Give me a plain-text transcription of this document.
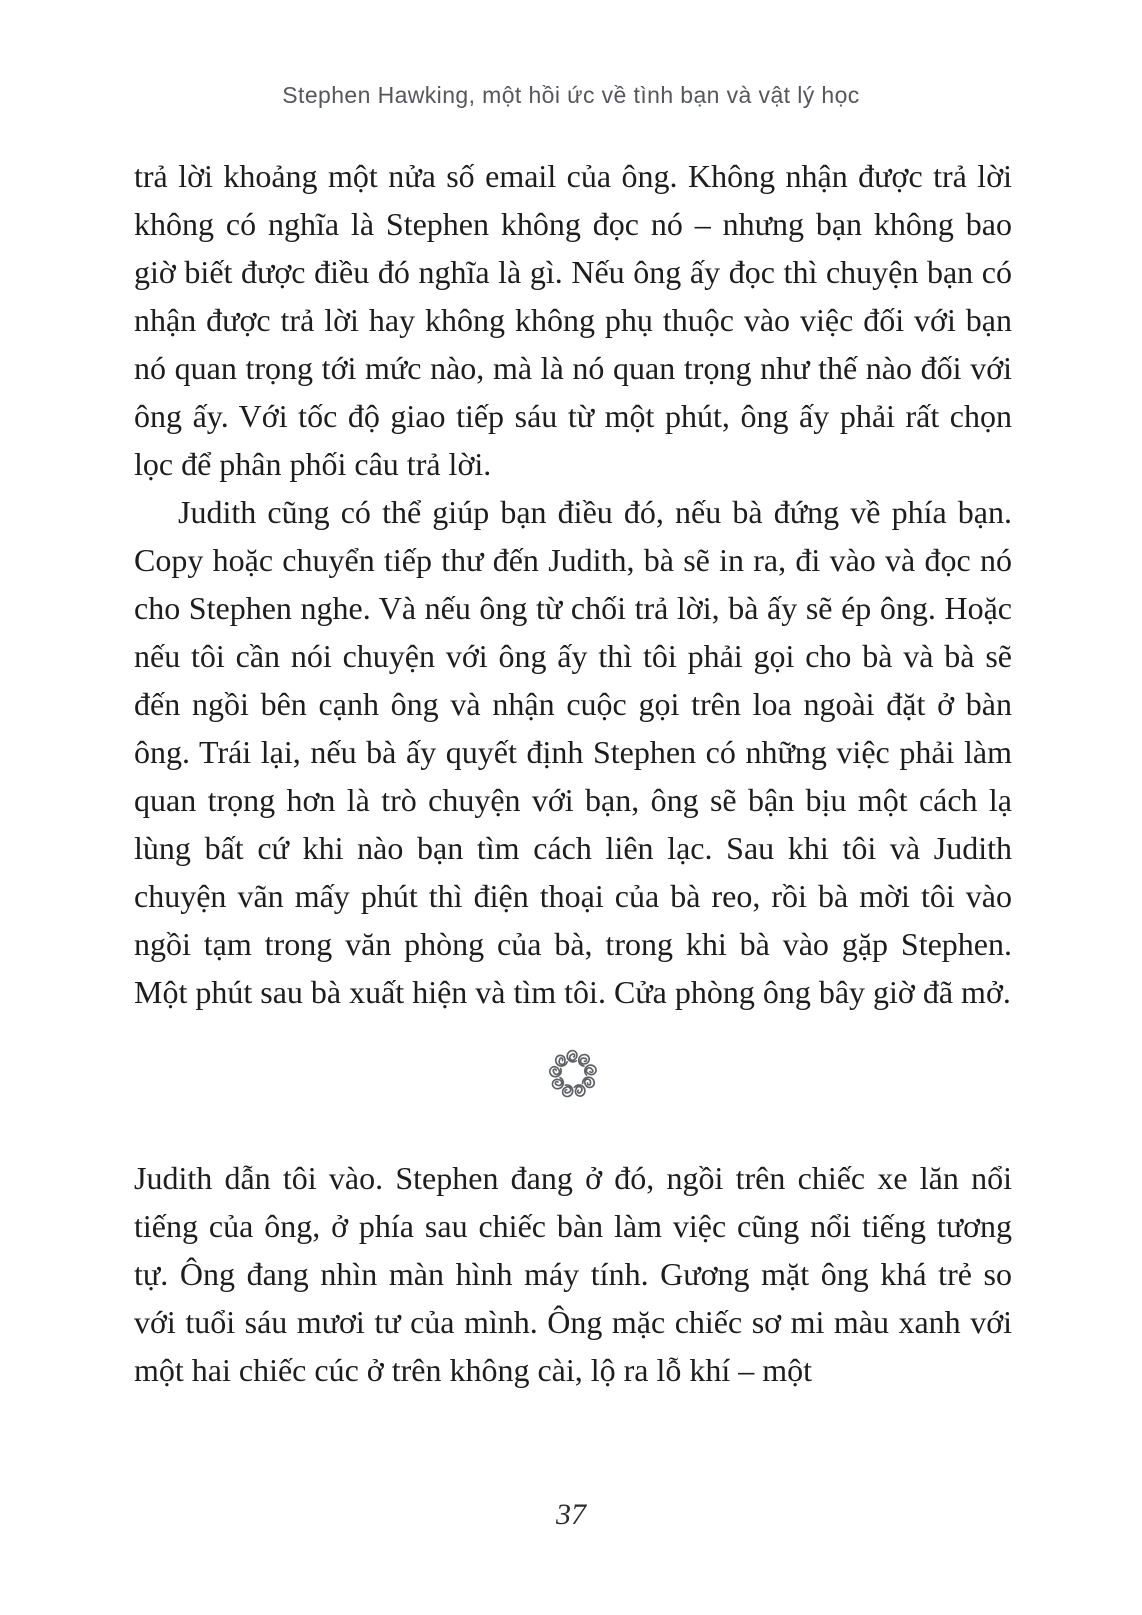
Stephen Hawking, một hồi ức về tình bạn và vật lý học

trả lời khoảng một nửa số email của ông. Không nhận được trả lời không có nghĩa là Stephen không đọc nó – nhưng bạn không bao giờ biết được điều đó nghĩa là gì. Nếu ông ấy đọc thì chuyện bạn có nhận được trả lời hay không không phụ thuộc vào việc đối với bạn nó quan trọng tới mức nào, mà là nó quan trọng như thế nào đối với ông ấy. Với tốc độ giao tiếp sáu từ một phút, ông ấy phải rất chọn lọc để phân phối câu trả lời.

Judith cũng có thể giúp bạn điều đó, nếu bà đứng về phía bạn. Copy hoặc chuyển tiếp thư đến Judith, bà sẽ in ra, đi vào và đọc nó cho Stephen nghe. Và nếu ông từ chối trả lời, bà ấy sẽ ép ông. Hoặc nếu tôi cần nói chuyện với ông ấy thì tôi phải gọi cho bà và bà sẽ đến ngồi bên cạnh ông và nhận cuộc gọi trên loa ngoài đặt ở bàn ông. Trái lại, nếu bà ấy quyết định Stephen có những việc phải làm quan trọng hơn là trò chuyện với bạn, ông sẽ bận bịu một cách lạ lùng bất cứ khi nào bạn tìm cách liên lạc. Sau khi tôi và Judith chuyện vãn mấy phút thì điện thoại của bà reo, rồi bà mời tôi vào ngồi tạm trong văn phòng của bà, trong khi bà vào gặp Stephen. Một phút sau bà xuất hiện và tìm tôi. Cửa phòng ông bây giờ đã mở.

Judith dẫn tôi vào. Stephen đang ở đó, ngồi trên chiếc xe lăn nổi tiếng của ông, ở phía sau chiếc bàn làm việc cũng nổi tiếng tương tự. Ông đang nhìn màn hình máy tính. Gương mặt ông khá trẻ so với tuổi sáu mươi tư của mình. Ông mặc chiếc sơ mi màu xanh với một hai chiếc cúc ở trên không cài, lộ ra lỗ khí – một

37
